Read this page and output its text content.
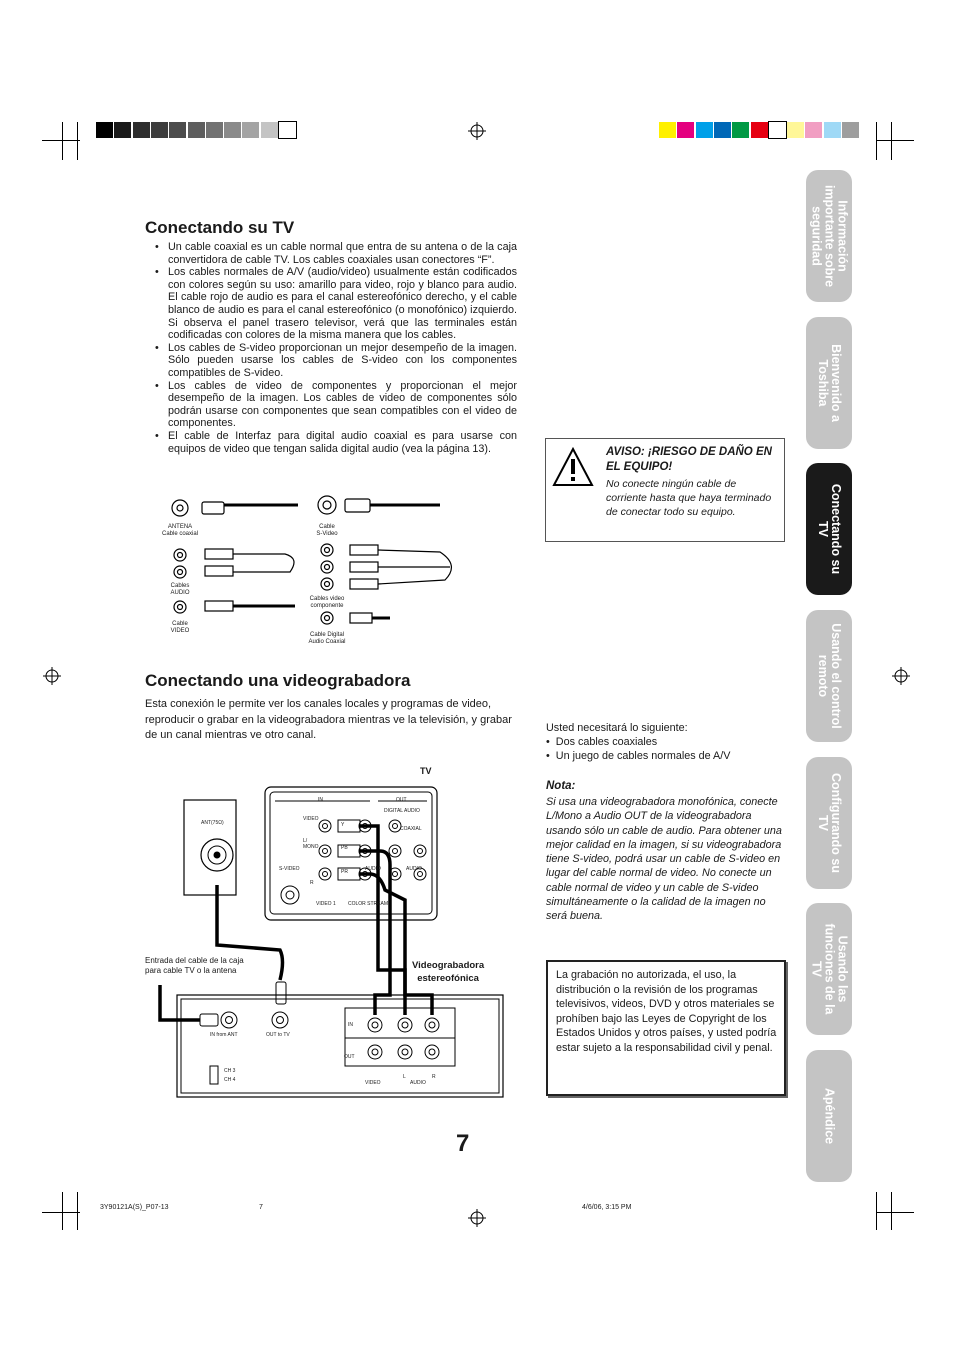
Información
importante sobre
seguridad
Bienvenido a
Toshiba
Conectando su
TV
Usando el control
remoto
Configurando su
TV
Usando las
funciones de la
TV
Apéndice
Conectando su TV
• Un cable coaxial es un cable normal que entra de su antena o de la caja convertidora de cable TV. Los cables coaxiales usan conectores “F”.
• Los cables normales de A/V (audio/video) usualmente están codificados con colores según su uso: amarillo para video, rojo y blanco para audio. El cable rojo de audio es para el canal estereofónico derecho, y el cable blanco de audio es para el canal estereofónico (o monofónico) izquierdo. Si observa el panel trasero televisor, verá que las terminales están codificadas con colores de la misma manera que los cables.
• Los cables de S-video proporcionan un mejor desempeño de la imagen. Sólo pueden usarse los cables de S-video con los componentes compatibles de S-video.
• Los cables de video de componentes y proporcionan el mejor desempeño de la imagen. Los cables de video de componentes sólo podrán usarse con componentes que sean compatibles con el video de componentes.
• El cable de Interfaz para digital audio coaxial es para usarse con equipos de video que tengan salida digital audio (vea la página 13).
ANTENA
Cable coaxial
Cable
S-Video
Cables
AUDIO
Cables video
componente
Cable
VIDEO
Cable Digital
Audio Coaxial
AVISO: ¡RIESGO DE DAÑO EN EL EQUIPO!
No conecte ningún cable de corriente hasta que haya terminado de conectar todo su equipo.
Conectando una videograbadora
Esta conexión le permite ver los canales locales y programas de video, reproducir o grabar en la videograbadora mientras ve la televisión, y grabar de un canal mientras ve otro canal.
Usted necesitará lo siguiente:
•  Dos cables coaxiales
•  Un juego de cables normales de A/V
Nota:
Si usa una videograbadora monofónica, conecte L/Mono a Audio OUT de la videograbadora usando sólo un cable de audio. Para obtener una mejor calidad en la imagen, si su videograbadora tiene S-video, podrá usar un cable de S-video en lugar del cable normal de video. No conecte un cable normal de video y un cable de S-video simultáneamente o la calidad de la imagen no será buena.
La grabación no autorizada, el uso, la distribución o la revisión de los programas televisivos, videos, DVD y otros materiales se prohíben bajo las Leyes de Copyright de los Estados Unidos y otros países, y usted podría estar sujeto a la responsabilidad civil y penal.
TV
ANT(75Ω)
IN	OUT
VIDEO
L/
MONO
R
S-VIDEO
DIGITAL AUDIO
COAXIAL
AUDIO	AUDIO
Y
PB
PR
VIDEO 1 COLOR STREAM
Entrada del cable de la caja
para cable TV o la antena	Videograbadora
estereofónica
IN from ANT	OUT to TV
CH 3
CH 4
IN
OUT
VIDEO
L	R
AUDIO
7
3Y90121A(S)_P07-13	7	4/6/06, 3:15 PM
